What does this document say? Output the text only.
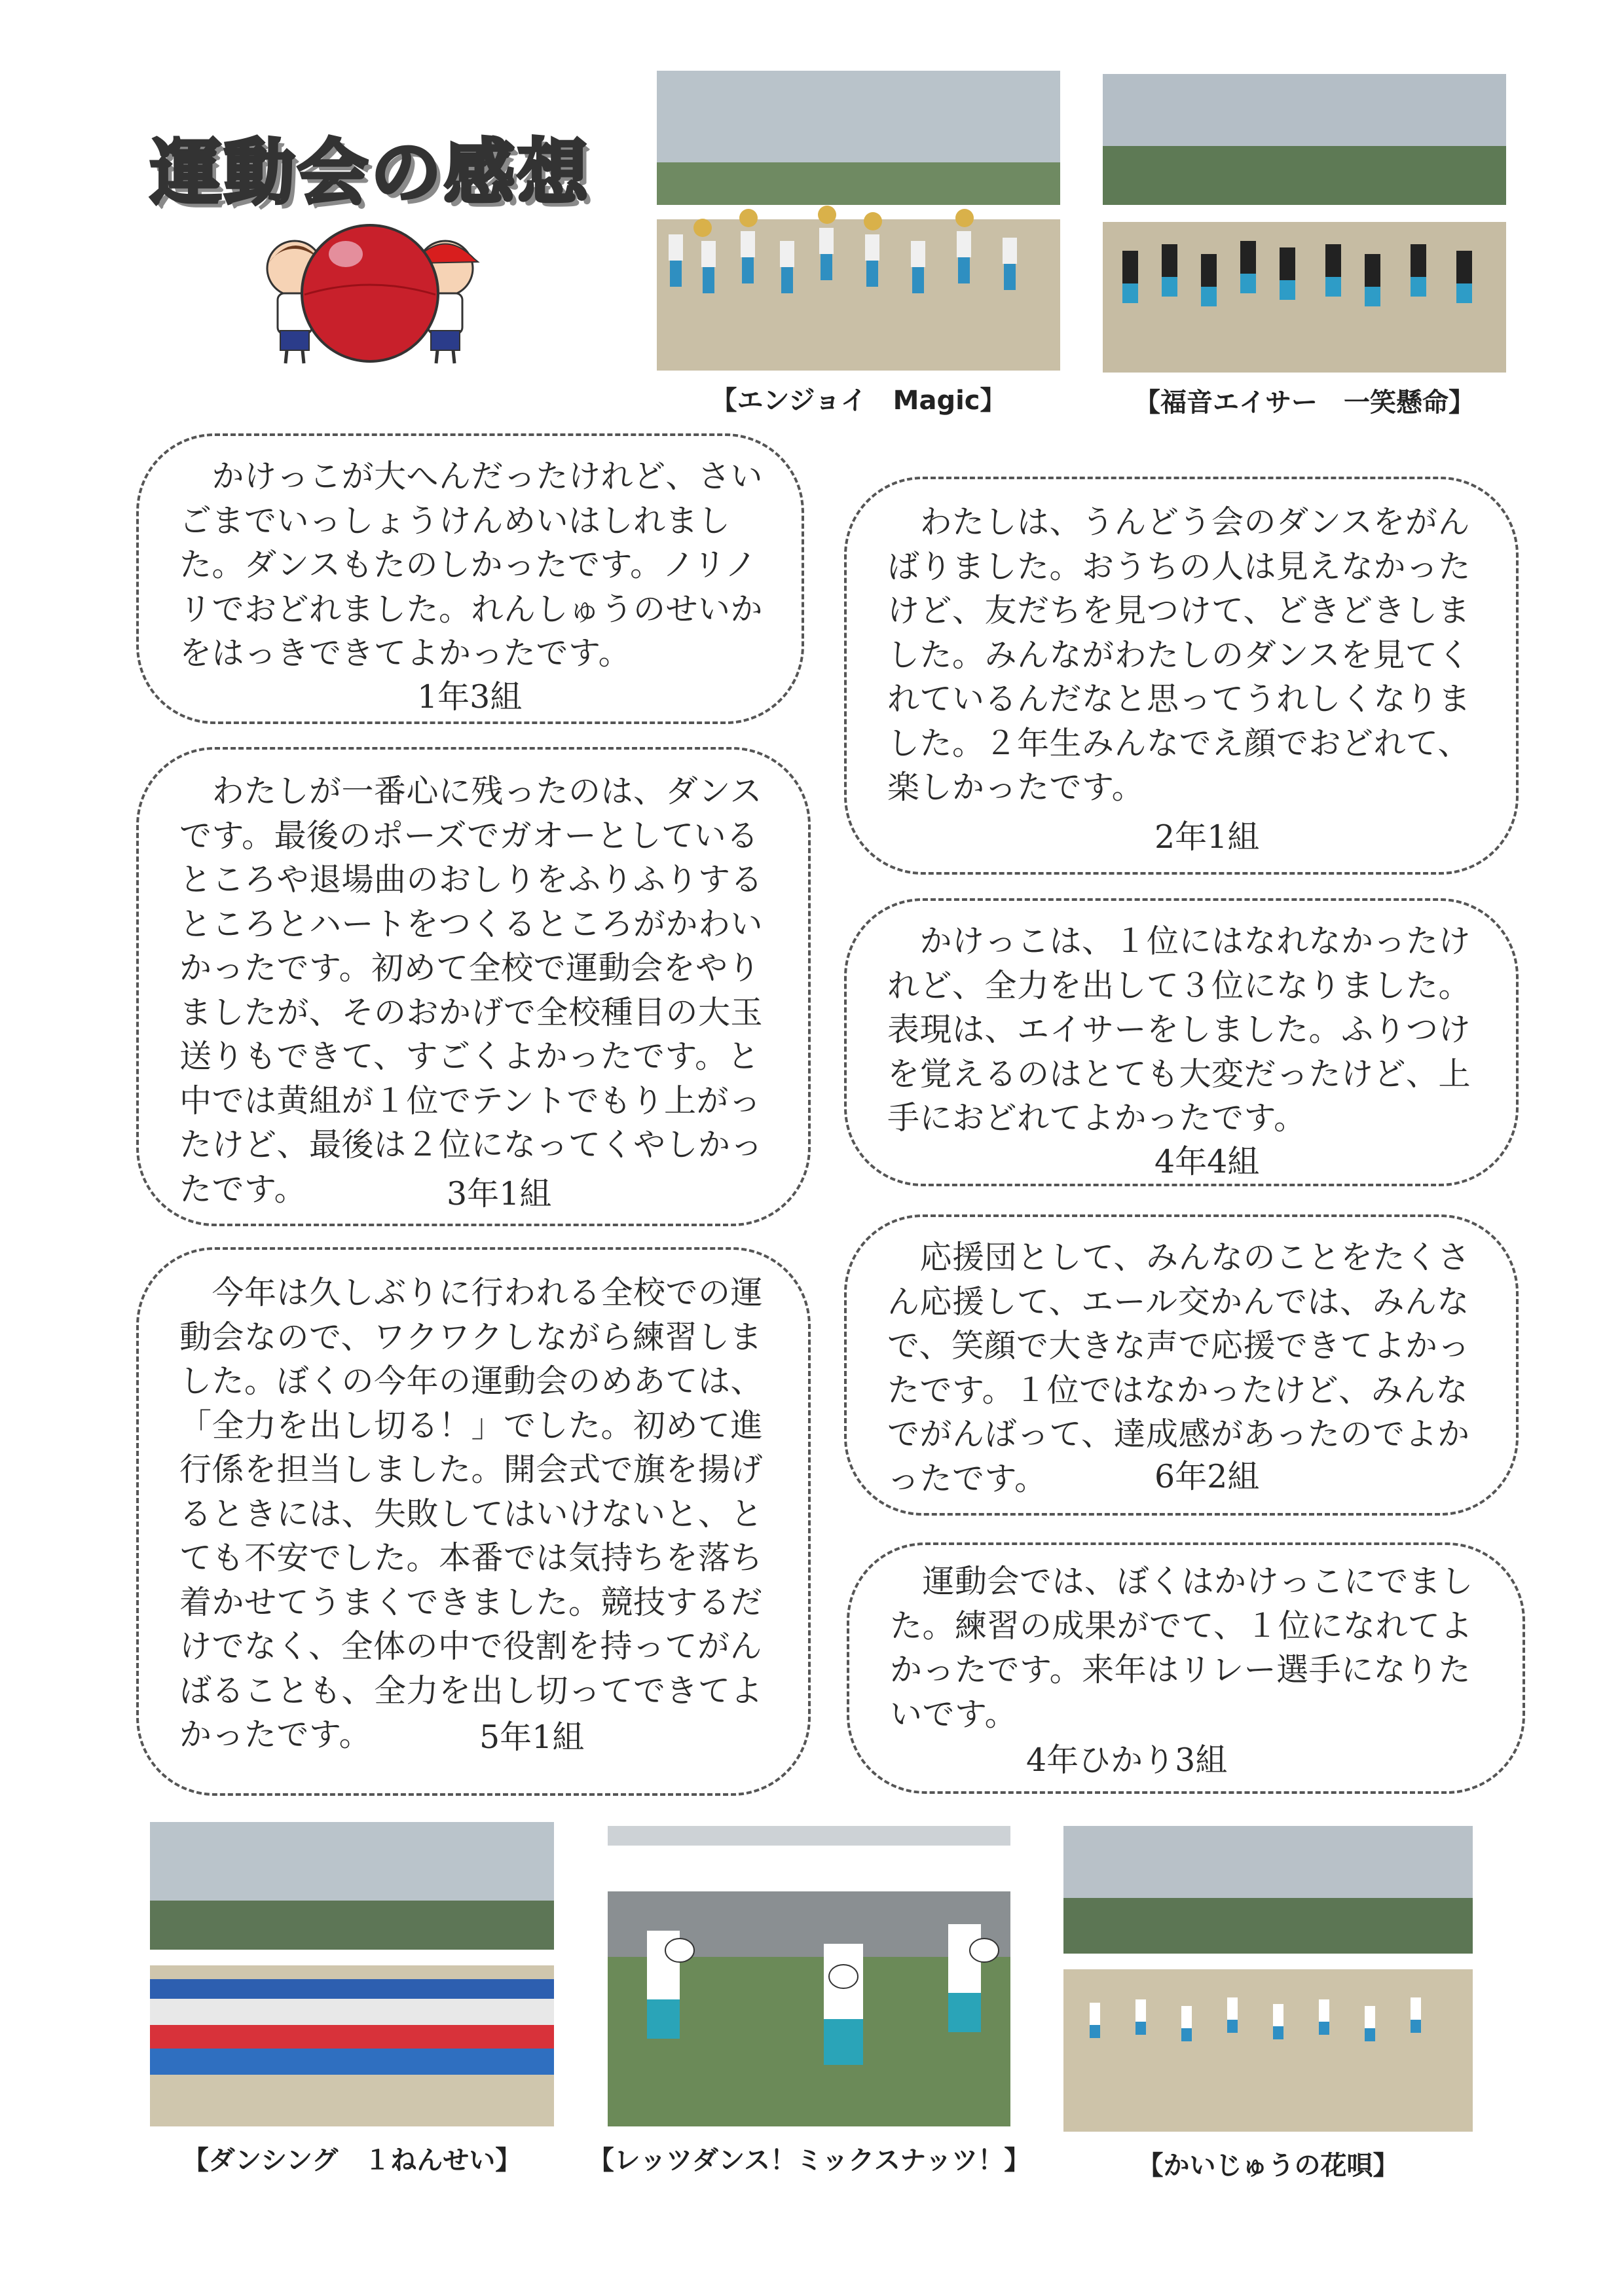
運動会の感想
【エンジョイ　Magic】	【福音エイサー　一笑懸命】
　かけっこが大へんだったけれど、さいごまでいっしょうけんめいはしれました。ダンスもたのしかったです。ノリノリでおどれました。れんしゅうのせいかをはっきできてよかったです。
1年3組
　わたしが一番心に残ったのは、ダンスです。最後のポーズでガオーとしているところや退場曲のおしりをふりふりするところとハートをつくるところがかわいかったです。初めて全校で運動会をやりましたが、そのおかげで全校種目の大玉送りもできて、すごくよかったです。と中では黄組が１位でテントでもり上がったけど、最後は２位になってくやしかったです。	3年1組
　今年は久しぶりに行われる全校での運動会なので、ワクワクしながら練習しました。ぼくの今年の運動会のめあては、「全力を出し切る！」でした。初めて進行係を担当しました。開会式で旗を揚げるときには、失敗してはいけないと、とても不安でした。本番では気持ちを落ち着かせてうまくできました。競技するだけでなく、全体の中で役割を持ってがんばることも、全力を出し切ってできてよかったです。	5年1組
　わたしは、うんどう会のダンスをがんばりました。おうちの人は見えなかったけど、友だちを見つけて、どきどきしました。みんながわたしのダンスを見てくれているんだなと思ってうれしくなりました。２年生みんなでえ顔でおどれて、楽しかったです。
2年1組
　かけっこは、１位にはなれなかったけれど、全力を出して３位になりました。表現は、エイサーをしました。ふりつけを覚えるのはとても大変だったけど、上手におどれてよかったです。
4年4組
　応援団として、みんなのことをたくさん応援して、エール交かんでは、みんなで、笑顔で大きな声で応援できてよかったです。１位ではなかったけど、みんなでがんばって、達成感があったのでよかったです。	6年2組
　運動会では、ぼくはかけっこにでました。練習の成果がでて、１位になれてよかったです。来年はリレー選手になりたいです。
4年ひかり3組
【ダンシング　１ねんせい】	【レッツダンス！ミックスナッツ！】	【かいじゅうの花唄】
